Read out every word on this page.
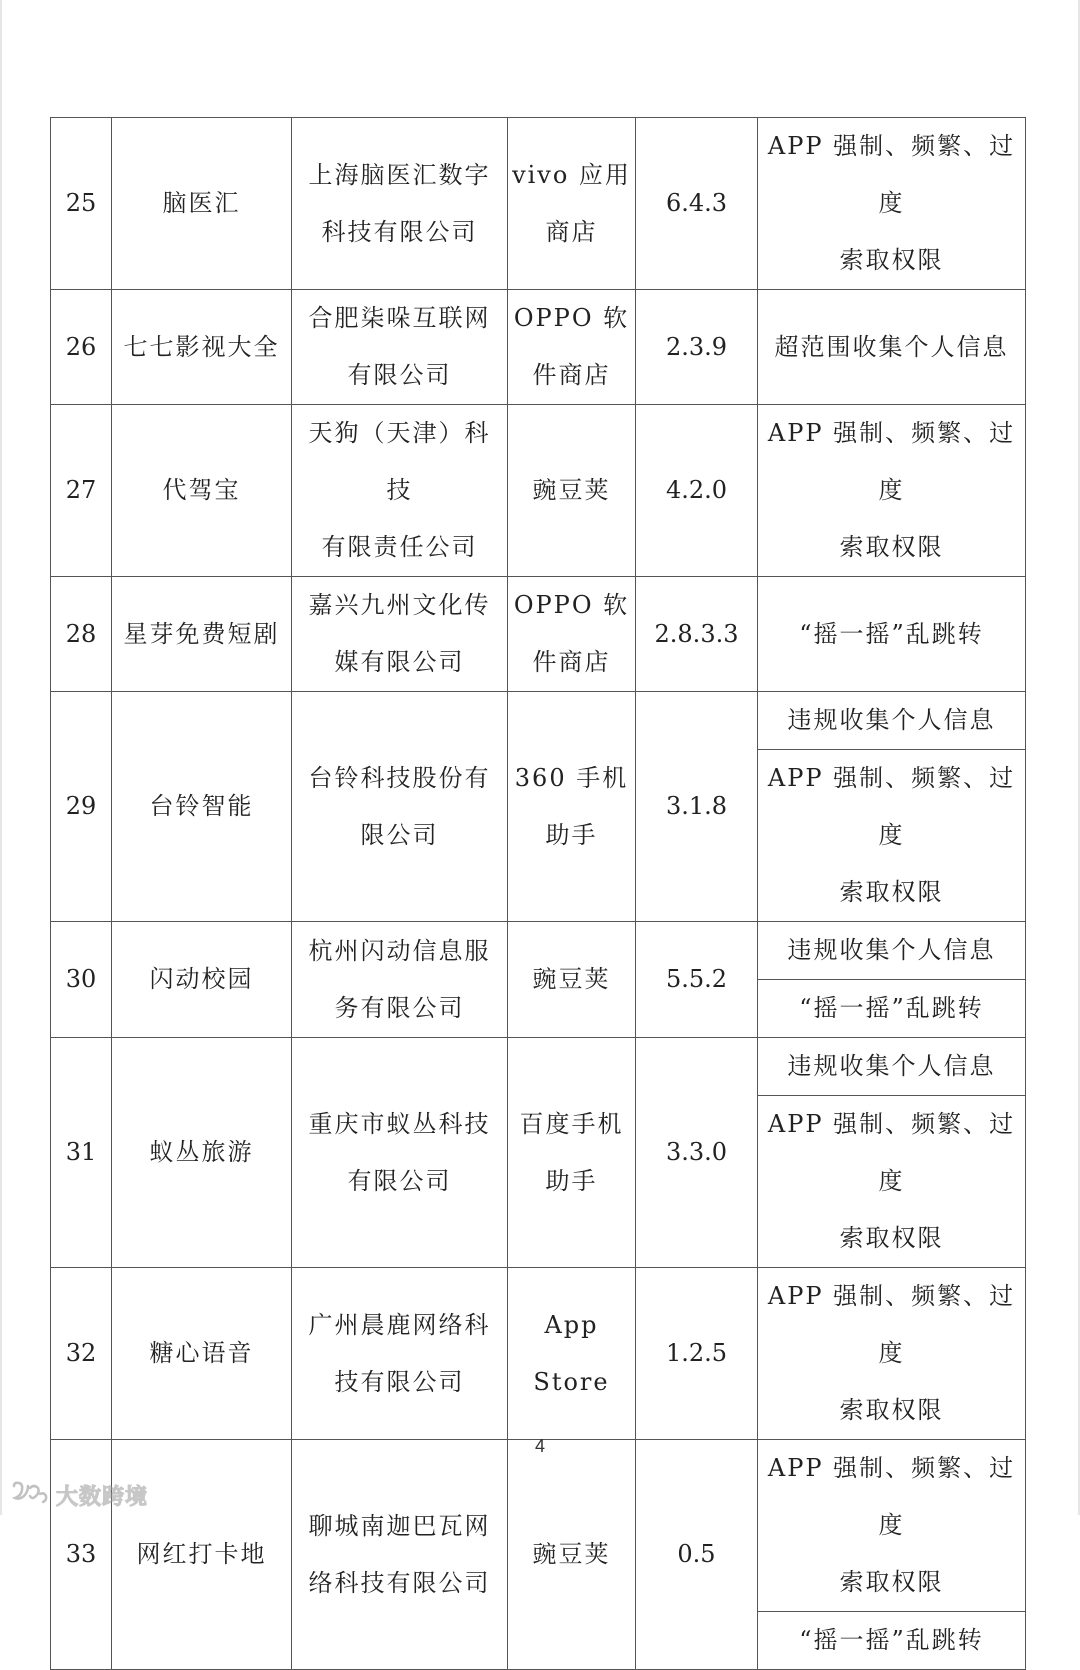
25	脑医汇	上海脑医汇数字
科技有限公司	vivo 应用
商店	6.4.3	APP 强制、频繁、过度
索取权限

26	七七影视大全	合肥柒哚互联网
有限公司	OPPO 软
件商店	2.3.9	超范围收集个人信息

27	代驾宝	天狗（天津）科技
有限责任公司	豌豆荚	4.2.0	APP 强制、频繁、过度
索取权限

28	星芽免费短剧	嘉兴九州文化传
媒有限公司	OPPO 软
件商店	2.8.3.3	“摇一摇”乱跳转

29	台铃智能	台铃科技股份有
限公司	360 手机
助手	3.1.8	违规收集个人信息

					APP 强制、频繁、过度
索取权限

30	闪动校园	杭州闪动信息服
务有限公司	豌豆荚	5.5.2	违规收集个人信息

					“摇一摇”乱跳转

31	蚁丛旅游	重庆市蚁丛科技
有限公司	百度手机
助手	3.3.0	违规收集个人信息

					APP 强制、频繁、过度
索取权限

32	糖心语音	广州晨鹿网络科
技有限公司	App Store	1.2.5	APP 强制、频繁、过度
索取权限

33	网红打卡地	聊城南迦巴瓦网
络科技有限公司	豌豆荚	0.5	APP 强制、频繁、过度
索取权限

					“摇一摇”乱跳转
4
大数跨境
